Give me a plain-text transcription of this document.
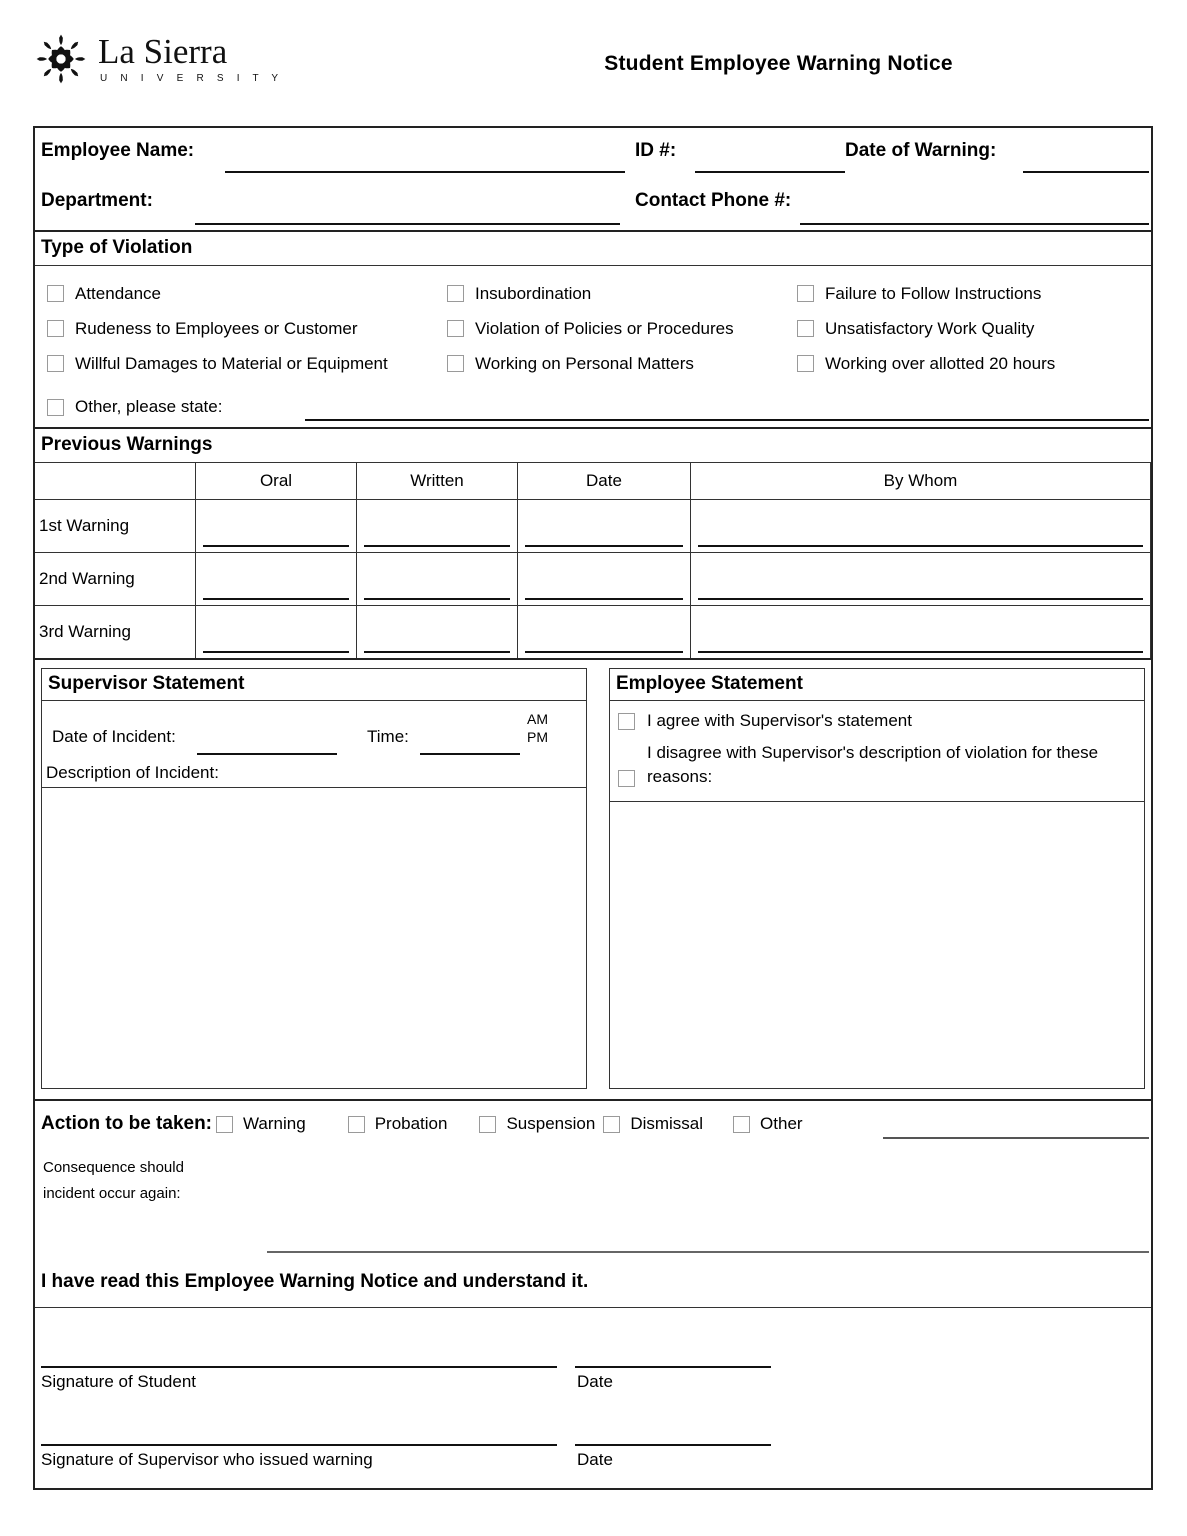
La Sierra
U N I V E R S I T Y
Student Employee Warning Notice
Employee Name:	ID #:	Date of Warning:
Department:	Contact Phone #:
Type of Violation
Attendance	Insubordination	Failure to Follow Instructions
Rudeness to Employees or Customer	Violation of Policies or Procedures	Unsatisfactory Work Quality
Willful Damages to Material or Equipment	Working on Personal Matters	Working over allotted 20 hours
Other, please state:
Previous Warnings
	Oral	Written	Date	By Whom
1st Warning	

2nd Warning	

3rd Warning	

Supervisor Statement
Date of Incident:	Time:
AM
PM
Description of Incident:
Employee Statement
I agree with Supervisor's statement
I disagree with Supervisor's description of violation for these reasons:
Action to be taken: Warning	Probation	Suspension Dismissal	Other
Consequence should
incident occur again:
I have read this Employee Warning Notice and understand it.
Signature of Student	Date
Signature of Supervisor who issued warning	Date
